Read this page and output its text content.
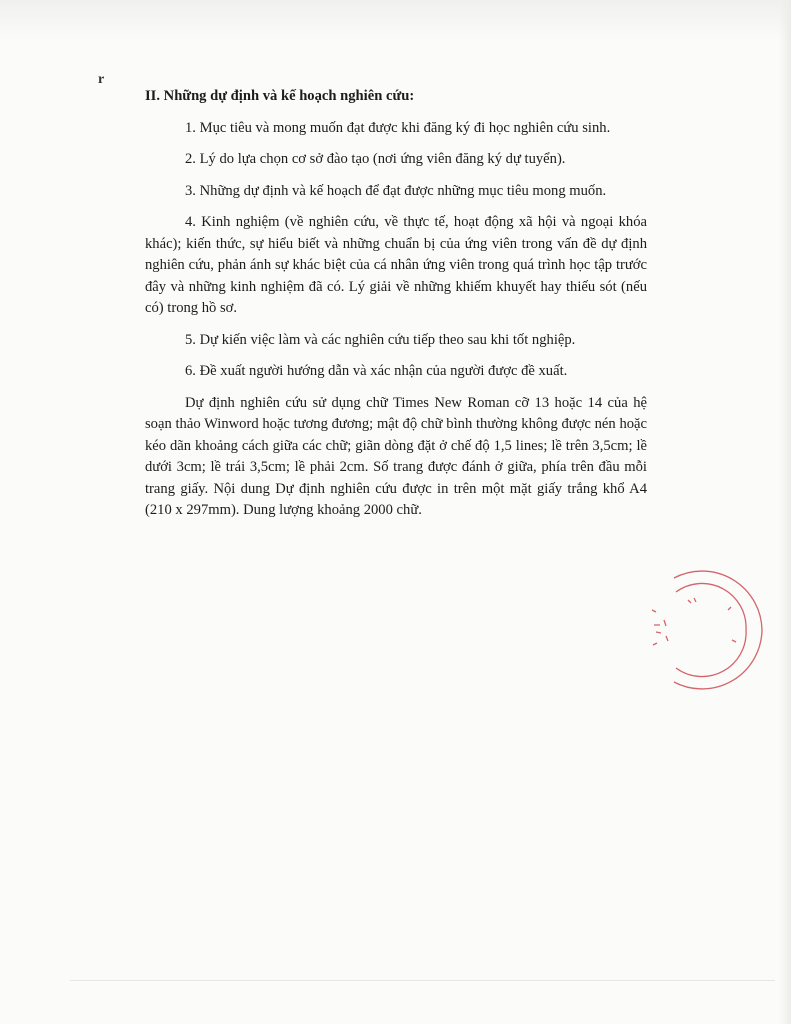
r

II. Những dự định và kế hoạch nghiên cứu:

1. Mục tiêu và mong muốn đạt được khi đăng ký đi học nghiên cứu sinh.

2. Lý do lựa chọn cơ sở đào tạo (nơi ứng viên đăng ký dự tuyển).

3. Những dự định và kế hoạch để đạt được những mục tiêu mong muốn.

4. Kinh nghiệm (về nghiên cứu, về thực tế, hoạt động xã hội và ngoại khóa khác); kiến thức, sự hiểu biết và những chuẩn bị của ứng viên trong vấn đề dự định nghiên cứu, phản ánh sự khác biệt của cá nhân ứng viên trong quá trình học tập trước đây và những kinh nghiệm đã có. Lý giải về những khiếm khuyết hay thiếu sót (nếu có) trong hồ sơ.

5. Dự kiến việc làm và các nghiên cứu tiếp theo sau khi tốt nghiệp.

6. Đề xuất người hướng dẫn và xác nhận của người được đề xuất.

Dự định nghiên cứu sử dụng chữ Times New Roman cỡ 13 hoặc 14 của hệ soạn thảo Winword hoặc tương đương; mật độ chữ bình thường không được nén hoặc kéo dãn khoảng cách giữa các chữ; giãn dòng đặt ở chế độ 1,5 lines; lề trên 3,5cm; lề dưới 3cm; lề trái 3,5cm; lề phải 2cm. Số trang được đánh ở giữa, phía trên đầu mỗi trang giấy. Nội dung Dự định nghiên cứu được in trên một mặt giấy trắng khổ A4 (210 x 297mm). Dung lượng khoảng 2000 chữ.
